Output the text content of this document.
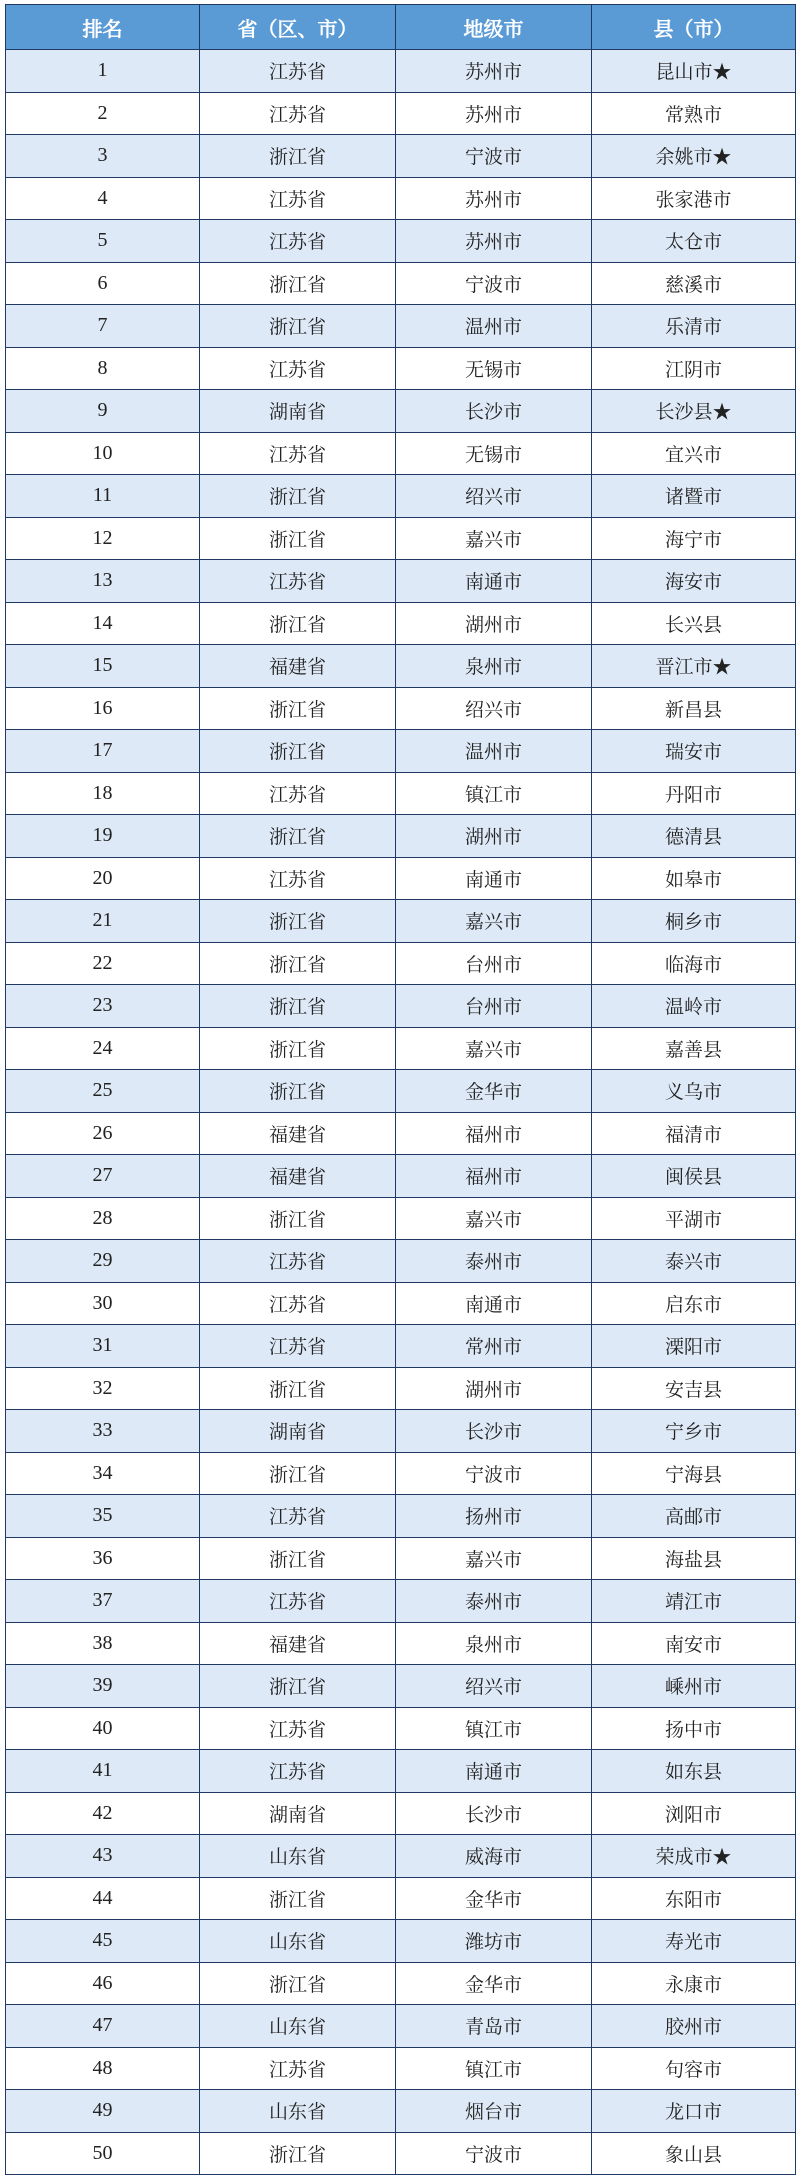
排名	省（区、市）	地级市	县（市）
1	江苏省	苏州市	昆山市★
2	江苏省	苏州市	常熟市
3	浙江省	宁波市	余姚市★
4	江苏省	苏州市	张家港市
5	江苏省	苏州市	太仓市
6	浙江省	宁波市	慈溪市
7	浙江省	温州市	乐清市
8	江苏省	无锡市	江阴市
9	湖南省	长沙市	长沙县★
10	江苏省	无锡市	宜兴市
11	浙江省	绍兴市	诸暨市
12	浙江省	嘉兴市	海宁市
13	江苏省	南通市	海安市
14	浙江省	湖州市	长兴县
15	福建省	泉州市	晋江市★
16	浙江省	绍兴市	新昌县
17	浙江省	温州市	瑞安市
18	江苏省	镇江市	丹阳市
19	浙江省	湖州市	德清县
20	江苏省	南通市	如皋市
21	浙江省	嘉兴市	桐乡市
22	浙江省	台州市	临海市
23	浙江省	台州市	温岭市
24	浙江省	嘉兴市	嘉善县
25	浙江省	金华市	义乌市
26	福建省	福州市	福清市
27	福建省	福州市	闽侯县
28	浙江省	嘉兴市	平湖市
29	江苏省	泰州市	泰兴市
30	江苏省	南通市	启东市
31	江苏省	常州市	溧阳市
32	浙江省	湖州市	安吉县
33	湖南省	长沙市	宁乡市
34	浙江省	宁波市	宁海县
35	江苏省	扬州市	高邮市
36	浙江省	嘉兴市	海盐县
37	江苏省	泰州市	靖江市
38	福建省	泉州市	南安市
39	浙江省	绍兴市	嵊州市
40	江苏省	镇江市	扬中市
41	江苏省	南通市	如东县
42	湖南省	长沙市	浏阳市
43	山东省	威海市	荣成市★
44	浙江省	金华市	东阳市
45	山东省	潍坊市	寿光市
46	浙江省	金华市	永康市
47	山东省	青岛市	胶州市
48	江苏省	镇江市	句容市
49	山东省	烟台市	龙口市
50	浙江省	宁波市	象山县
